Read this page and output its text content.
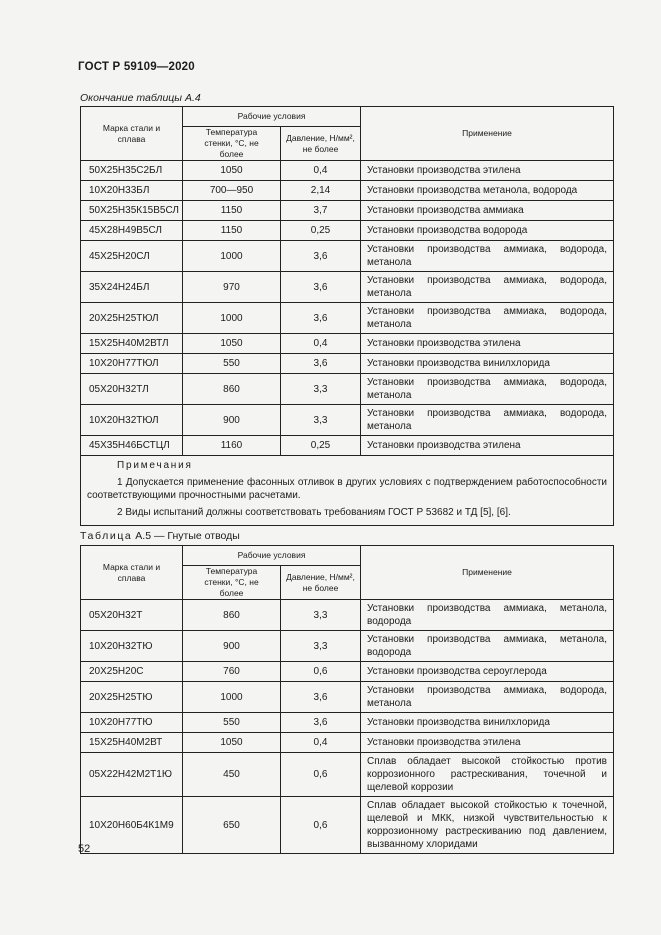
ГОСТ Р 59109—2020
Окончание таблицы А.4
Марка стали и сплава	Рабочие условия		Применение
	Температура стенки, °C, не более	Давление, Н/мм², не более	
50Х25Н35С2БЛ	1050	0,4	Установки производства этилена
10Х20Н33БЛ	700—950	2,14	Установки производства метанола, водорода
50Х25Н35К15В5СЛ	1150	3,7	Установки производства аммиака
45Х28Н49В5СЛ	1150	0,25	Установки производства водорода
45Х25Н20СЛ	1000	3,6	Установки производства аммиака, водорода, метанола
35Х24Н24БЛ	970	3,6	Установки производства аммиака, водорода, метанола
20Х25Н25ТЮЛ	1000	3,6	Установки производства аммиака, водорода, метанола
15Х25Н40М2ВТЛ	1050	0,4	Установки производства этилена
10Х20Н77ТЮЛ	550	3,6	Установки производства винилхлорида
05Х20Н32ТЛ	860	3,3	Установки производства аммиака, водорода, метанола
10Х20Н32ТЮЛ	900	3,3	Установки производства аммиака, водорода, метанола
45Х35Н46БСТЦЛ	1160	0,25	Установки производства этилена

Примечания

1 Допускается применение фасонных отливок в других условиях с подтверждением работоспособности соответствующими прочностными расчетами.

2 Виды испытаний должны соответствовать требованиям ГОСТ Р 53682 и ТД [5], [6].			

Таблица А.5 — Гнутые отводы
Марка стали и сплава	Рабочие условия		Применение
	Температура стенки, °C, не более	Давление, Н/мм², не более	
05Х20Н32Т	860	3,3	Установки производства аммиака, метанола, водорода
10Х20Н32ТЮ	900	3,3	Установки производства аммиака, метанола, водорода
20Х25Н20С	760	0,6	Установки производства сероуглерода
20Х25Н25ТЮ	1000	3,6	Установки производства аммиака, водорода, метанола
10Х20Н77ТЮ	550	3,6	Установки производства винилхлорида
15Х25Н40М2ВТ	1050	0,4	Установки производства этилена
05Х22Н42М2Т1Ю	450	0,6	Сплав обладает высокой стойкостью против коррозионного растрескивания, точечной и щелевой коррозии
10Х20Н60Б4К1М9	650	0,6	Сплав обладает высокой стойкостью к точечной, щелевой и МКК, низкой чувствительностью к коррозионному растрескиванию под давлением, вызванному хлоридами
52
